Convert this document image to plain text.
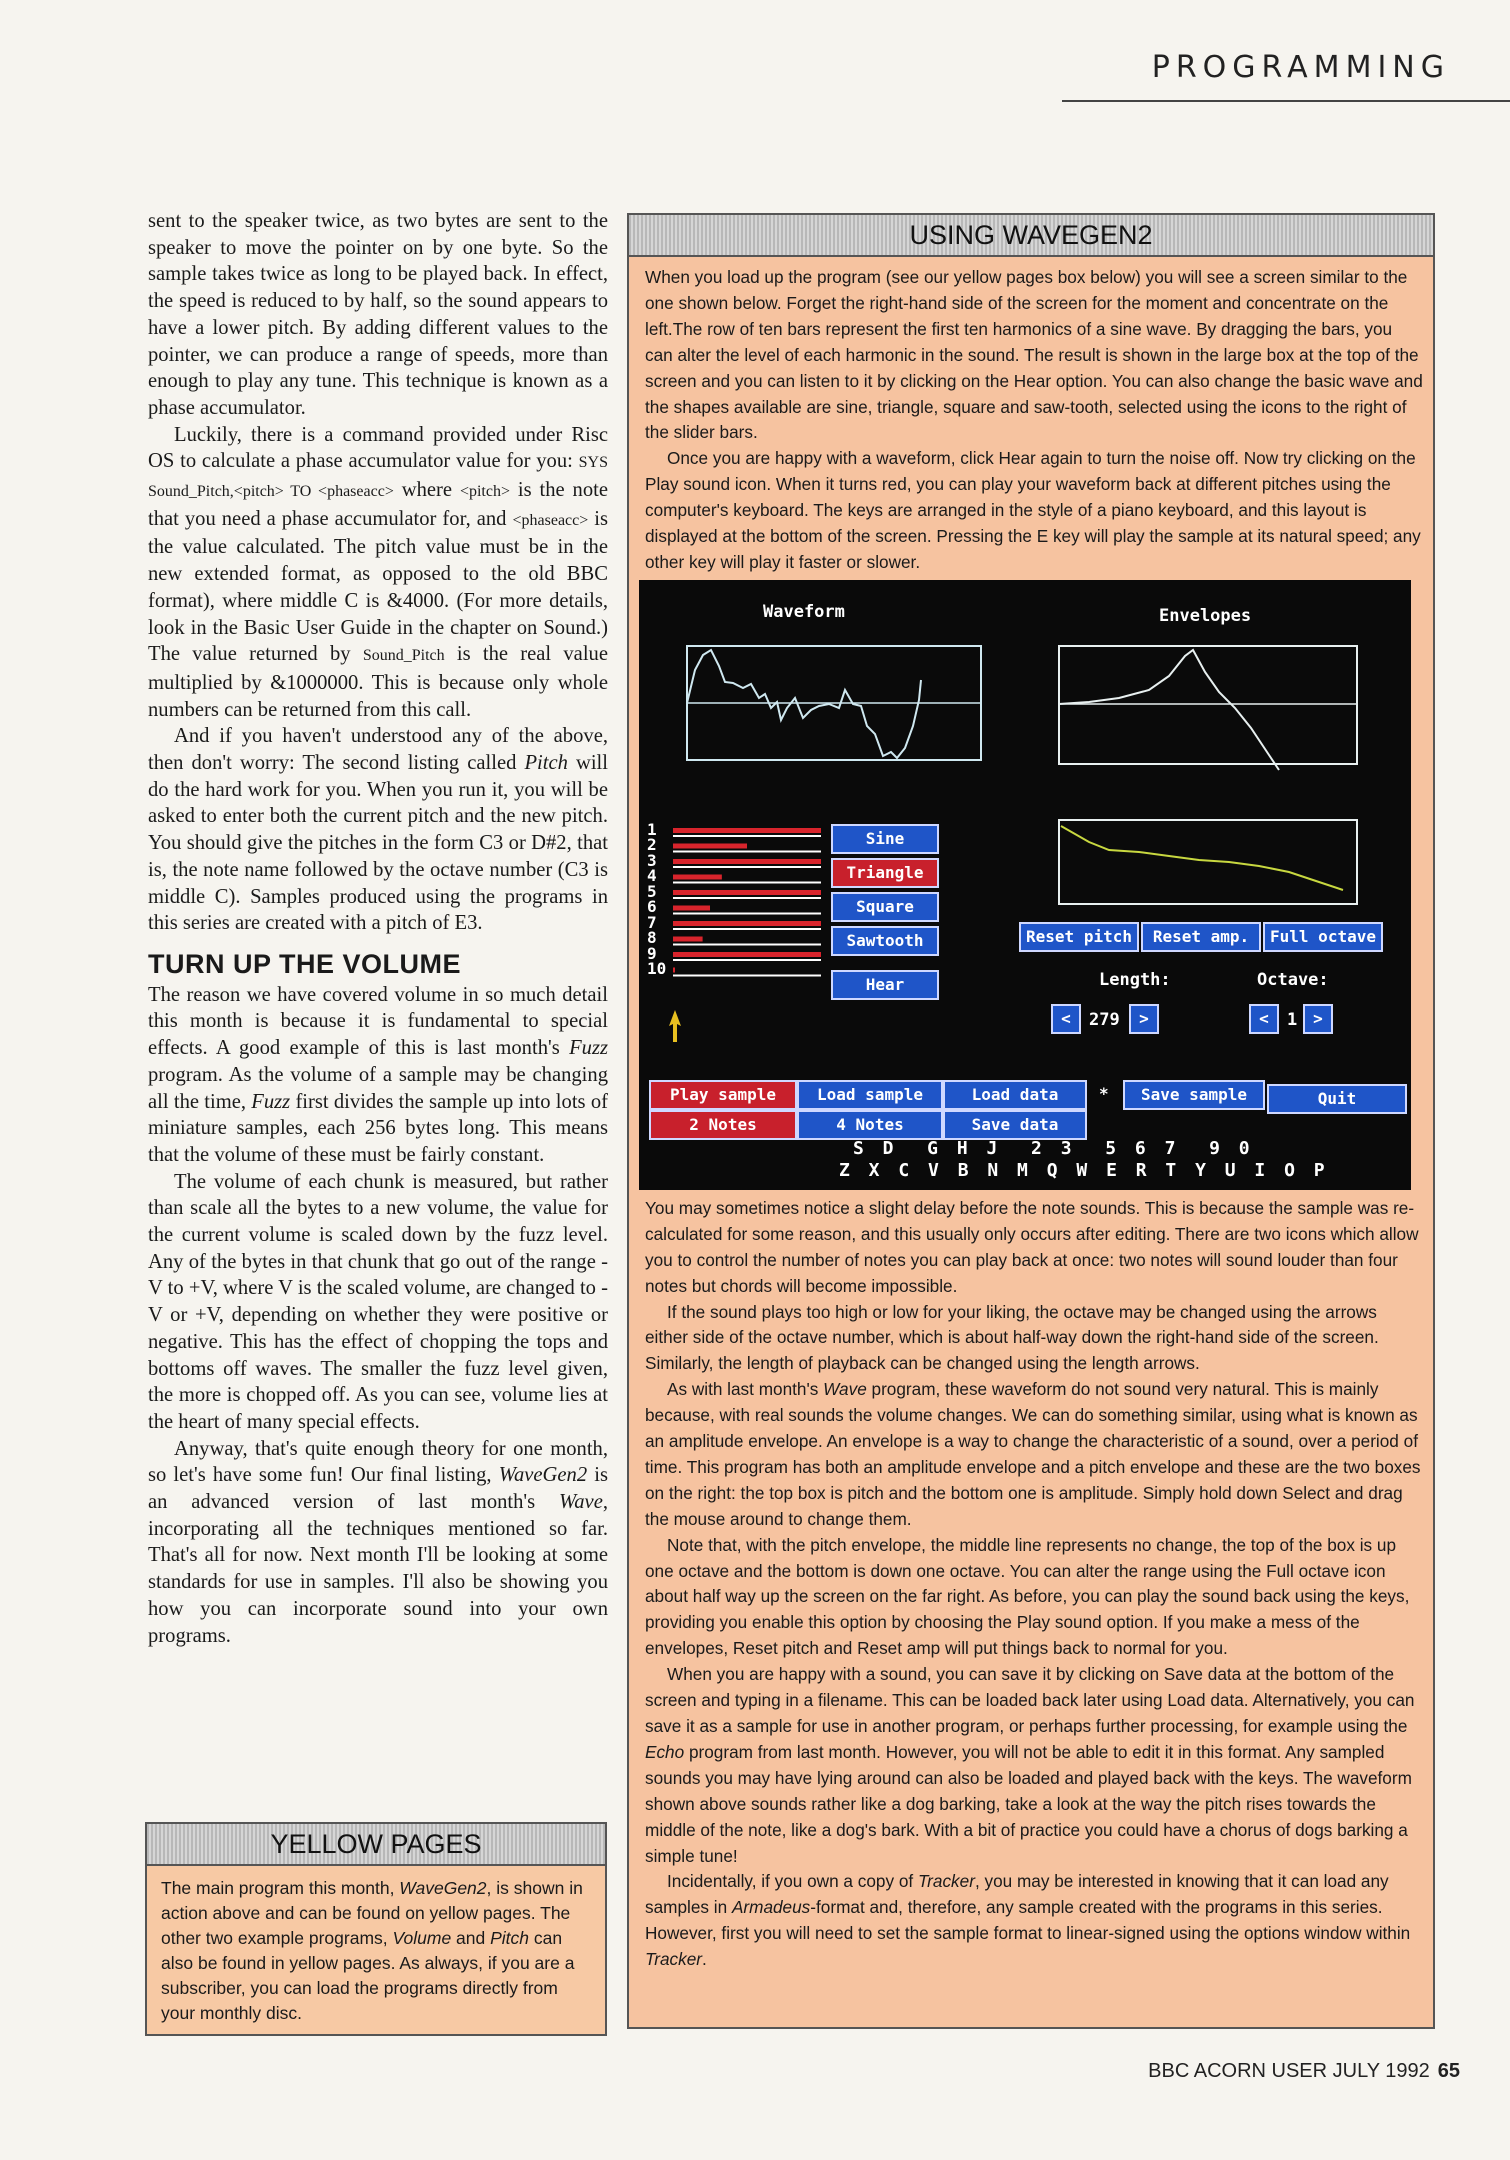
PROGRAMMING

sent to the speaker twice, as two bytes are sent to the speaker to move the pointer on by one byte. So the sample takes twice as long to be played back. In effect, the speed is reduced to by half, so the sound appears to have a lower pitch. By adding different values to the pointer, we can produce a range of speeds, more than enough to play any tune. This technique is known as a phase accumulator.

Luckily, there is a command provided under Risc OS to calculate a phase accumulator value for you: SYS Sound_Pitch,<pitch> TO <phaseacc> where <pitch> is the note that you need a phase accumulator for, and <phaseacc> is the value calculated. The pitch value must be in the new extended format, as opposed to the old BBC format), where middle C is &4000. (For more details, look in the Basic User Guide in the chapter on Sound.) The value returned by Sound_Pitch is the real value multiplied by &1000000. This is because only whole numbers can be returned from this call.

And if you haven't understood any of the above, then don't worry: The second listing called Pitch will do the hard work for you. When you run it, you will be asked to enter both the current pitch and the new pitch. You should give the pitches in the form C3 or D#2, that is, the note name followed by the octave number (C3 is middle C). Samples produced using the programs in this series are created with a pitch of E3.

TURN UP THE VOLUME

The reason we have covered volume in so much detail this month is because it is fundamental to special effects. A good example of this is last month's Fuzz program. As the volume of a sample may be changing all the time, Fuzz first divides the sample up into lots of miniature samples, each 256 bytes long. This means that the volume of these must be fairly constant.

The volume of each chunk is measured, but rather than scale all the bytes to a new volume, the value for the current volume is scaled down by the fuzz level. Any of the bytes in that chunk that go out of the range -V to +V, where V is the scaled volume, are changed to -V or +V, depending on whether they were positive or negative. This has the effect of chopping the tops and bottoms off waves. The smaller the fuzz level given, the more is chopped off. As you can see, volume lies at the heart of many special effects.

Anyway, that's quite enough theory for one month, so let's have some fun! Our final listing, WaveGen2 is an advanced version of last month's Wave, incorporating all the techniques mentioned so far. That's all for now. Next month I'll be looking at some standards for use in samples. I'll also be showing you how you can incorporate sound into your own programs.

YELLOW PAGES
The main program this month, WaveGen2, is shown in action above and can be found on yellow pages. The other two example programs, Volume and Pitch can also be found in yellow pages. As always, if you are a subscriber, you can load the programs directly from your monthly disc.
USING WAVEGEN2

When you load up the program (see our yellow pages box below) you will see a screen similar to the one shown below. Forget the right-hand side of the screen for the moment and concentrate on the left.The row of ten bars represent the first ten harmonics of a sine wave. By dragging the bars, you can alter the level of each harmonic in the sound. The result is shown in the large box at the top of the screen and you can listen to it by clicking on the Hear option. You can also change the basic wave and the shapes available are sine, triangle, square and saw-tooth, selected using the icons to the right of the slider bars.

Once you are happy with a waveform, click Hear again to turn the noise off. Now try clicking on the Play sound icon. When it turns red, you can play your waveform back at different pitches using the computer's keyboard. The keys are arranged in the style of a piano keyboard, and this layout is displayed at the bottom of the screen. Pressing the E key will play the sample at its natural speed; any other key will play it faster or slower.

Waveform	Envelopes
1
2
3
4
5
6
7
8
9
10
Sine
Triangle
Square
Sawtooth
Hear
Reset pitch	Reset amp.	Full octave
Length:	Octave:
<	279	>	<	1 >
Play sample
2 Notes
Load sample
4 Notes
Load data
Save data
*	Save sample	Quit
S D  G H J  2 3  5 6 7  9 0
Z X C V B N M Q W E R T Y U I O P

You may sometimes notice a slight delay before the note sounds. This is because the sample was re-calculated for some reason, and this usually only occurs after editing. There are two icons which allow you to control the number of notes you can play back at once: two notes will sound louder than four notes but chords will become impossible.

If the sound plays too high or low for your liking, the octave may be changed using the arrows either side of the octave number, which is about half-way down the right-hand side of the screen. Similarly, the length of playback can be changed using the length arrows.

As with last month's Wave program, these waveform do not sound very natural. This is mainly because, with real sounds the volume changes. We can do something similar, using what is known as an amplitude envelope. An envelope is a way to change the characteristic of a sound, over a period of time. This program has both an amplitude envelope and a pitch envelope and these are the two boxes on the right: the top box is pitch and the bottom one is amplitude. Simply hold down Select and drag the mouse around to change them.

Note that, with the pitch envelope, the middle line represents no change, the top of the box is up one octave and the bottom is down one octave. You can alter the range using the Full octave icon about half way up the screen on the far right. As before, you can play the sound back using the keys, providing you enable this option by choosing the Play sound option. If you make a mess of the envelopes, Reset pitch and Reset amp will put things back to normal for you.

When you are happy with a sound, you can save it by clicking on Save data at the bottom of the screen and typing in a filename. This can be loaded back later using Load data. Alternatively, you can save it as a sample for use in another program, or perhaps further processing, for example using the Echo program from last month. However, you will not be able to edit it in this format. Any sampled sounds you may have lying around can also be loaded and played back with the keys. The waveform shown above sounds rather like a dog barking, take a look at the way the pitch rises towards the middle of the note, like a dog's bark. With a bit of practice you could have a chorus of dogs barking a simple tune!

Incidentally, if you own a copy of Tracker, you may be interested in knowing that it can load any samples in Armadeus-format and, therefore, any sample created with the programs in this series. However, first you will need to set the sample format to linear-signed using the options window within Tracker.

BBC ACORN USER JULY 1992 65
